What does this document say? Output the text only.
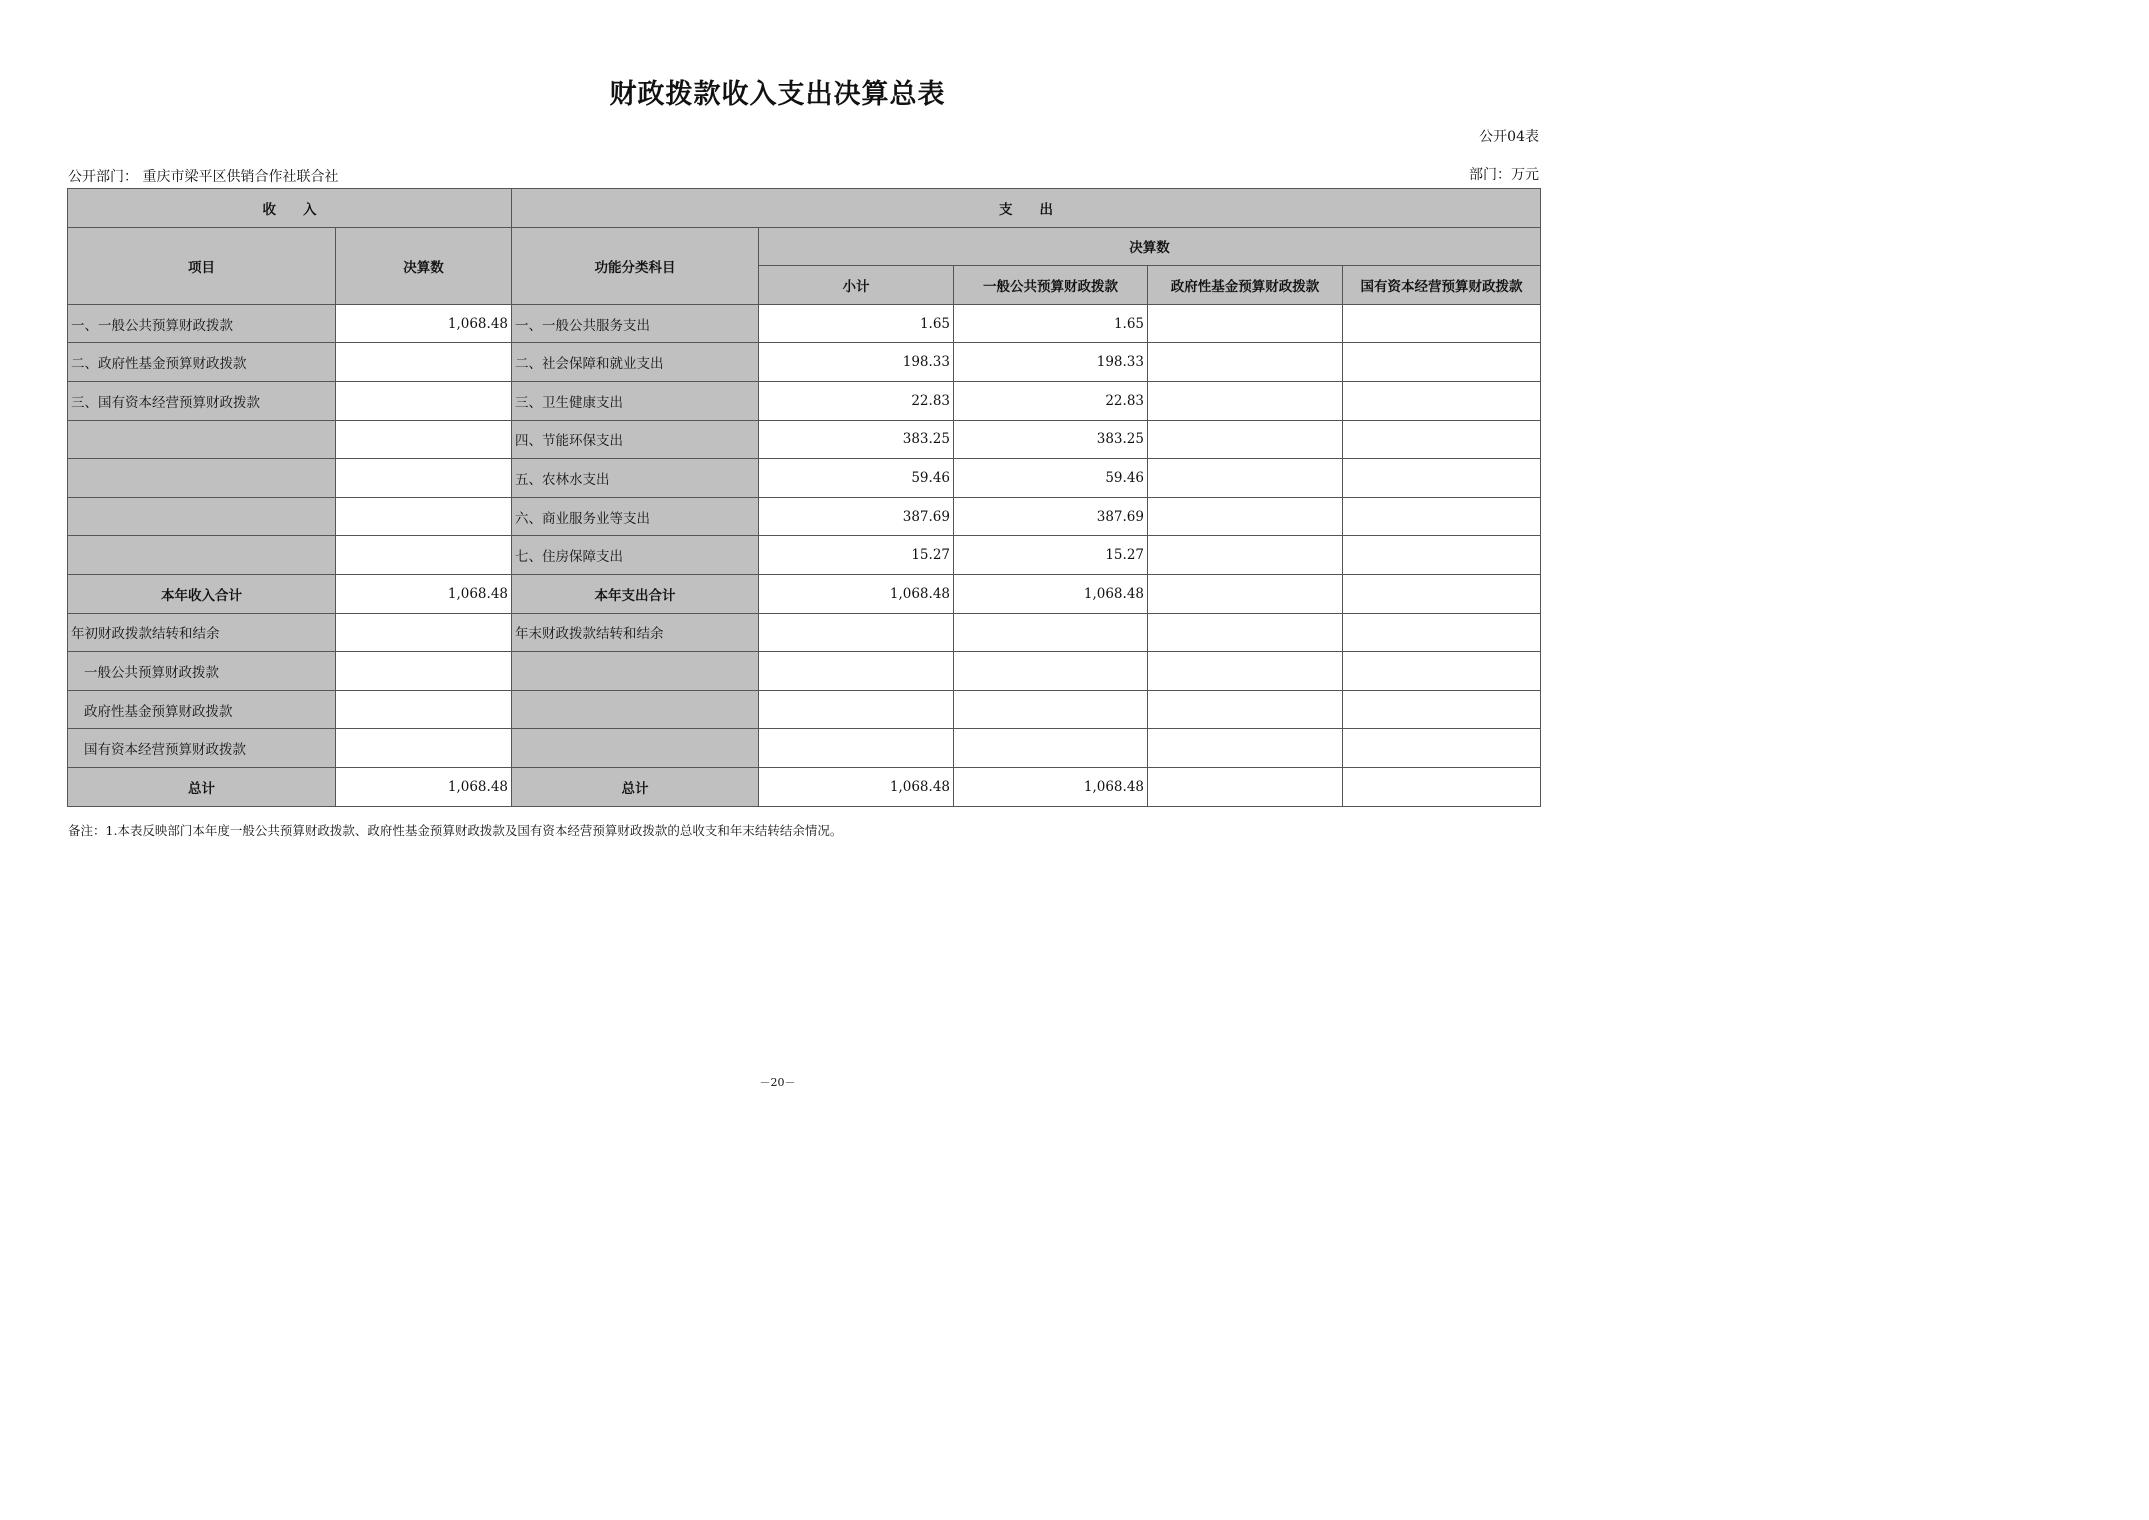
财政拨款收入支出决算总表
公开04表
公开部门： 重庆市梁平区供销合作社联合社	部门：万元
收　　入		支　　出				
项目	决算数	功能分类科目	决算数			
			小计	一般公共预算财政拨款	政府性基金预算财政拨款	国有资本经营预算财政拨款
一、一般公共预算财政拨款	1,068.48	一、一般公共服务支出	1.65	1.65		
二、政府性基金预算财政拨款		二、社会保障和就业支出	198.33	198.33		
三、国有资本经营预算财政拨款		三、卫生健康支出	22.83	22.83		
		四、节能环保支出	383.25	383.25		
		五、农林水支出	59.46	59.46		
		六、商业服务业等支出	387.69	387.69		
		七、住房保障支出	15.27	15.27		
本年收入合计	1,068.48	本年支出合计	1,068.48	1,068.48		
年初财政拨款结转和结余		年末财政拨款结转和结余				
一般公共预算财政拨款						
政府性基金预算财政拨款						
国有资本经营预算财政拨款						
总计	1,068.48	总计	1,068.48	1,068.48		
备注：1.本表反映部门本年度一般公共预算财政拨款、政府性基金预算财政拨款及国有资本经营预算财政拨款的总收支和年末结转结余情况。
－20－
